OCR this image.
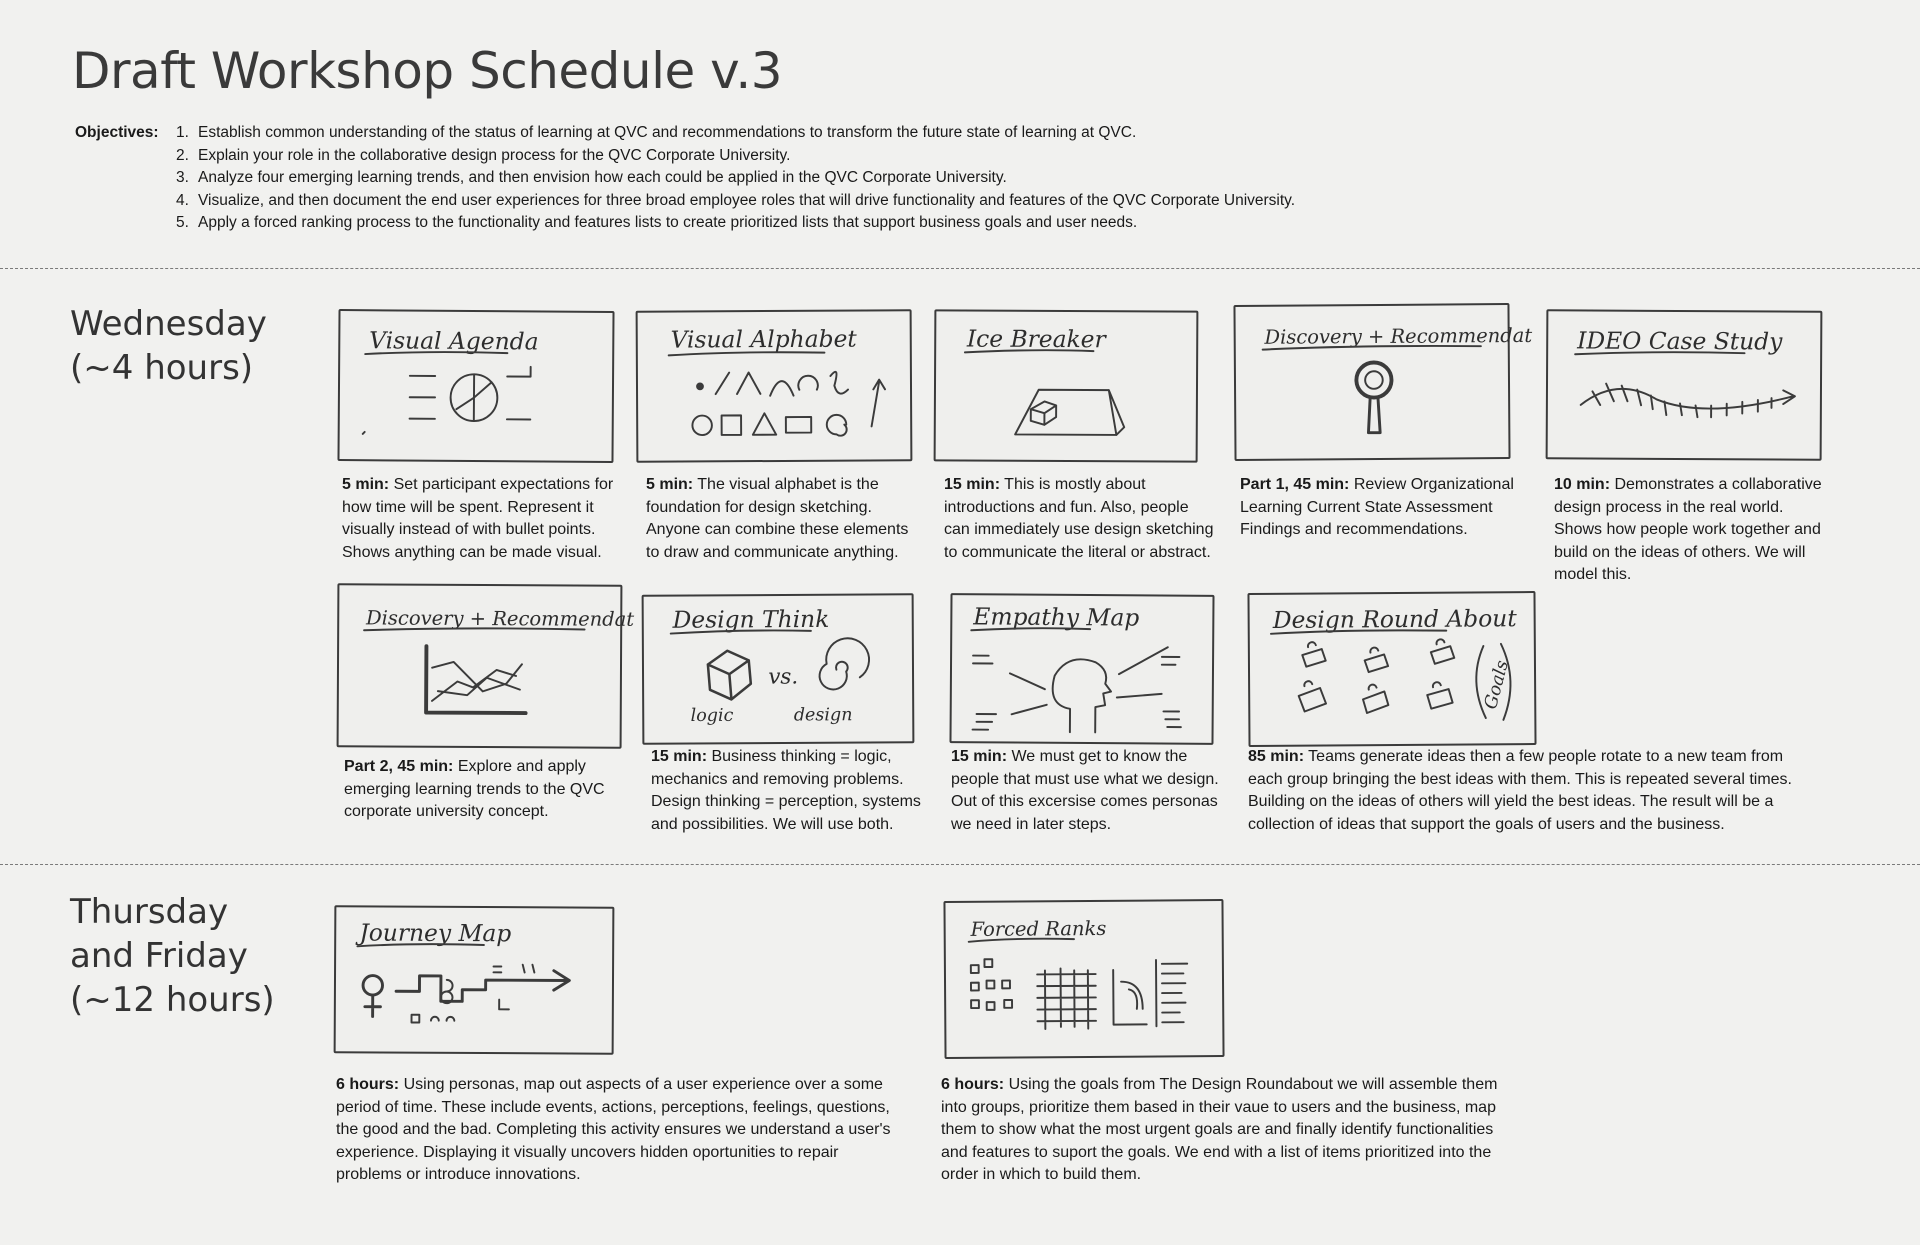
Draft Workshop Schedule v.3
Objectives: 1. Establish common understanding of the status of learning at QVC and recommendations to transform the future state of learning at QVC.
2. Explain your role in the collaborative design process for the QVC Corporate University.
3. Analyze four emerging learning trends, and then envision how each could be applied in the QVC Corporate University.
4. Visualize, and then document the end user experiences for three broad employee roles that will drive functionality and features of the QVC Corporate University.
5. Apply a forced ranking process to the functionality and features lists to create prioritized lists that support business goals and user needs.
Wednesday
(~4 hours)
Visual Agenda

5 min: Set participant expectations for how time will be spent. Represent it visually instead of with bullet points. Shows anything can be made visual.

Visual Alphabet

5 min: The visual alphabet is the foundation for design sketching. Anyone can combine these elements to draw and communicate anything.

Ice Breaker

15 min: This is mostly about introductions and fun. Also, people can immediately use design sketching to communicate the literal or abstract.

Discovery + Recommendat

Part 1, 45 min: Review Organizational Learning Current State Assessment Findings and recommendations.

IDEO Case Study

10 min: Demonstrates a collaborative design process in the real world. Shows how people work together and build on the ideas of others. We will model this.

Discovery + Recommendat

Part 2, 45 min: Explore and apply emerging learning trends to the QVC corporate university concept.

Design Think
vs.
logic	design

15 min: Business thinking = logic, mechanics and removing problems. Design thinking = perception, systems and possibilities. We will use both.

Empathy Map

15 min: We must get to know the people that must use what we design. Out of this excersise comes personas we need in later steps.

Design Round About
Goals

85 min: Teams generate ideas then a few people rotate to a new team from each group bringing the best ideas with them. This is repeated several times. Building on the ideas of others will yield the best ideas. The result will be a collection of ideas that support the goals of users and the business.

Thursday
and Friday
(~12 hours)
Journey Map

6 hours: Using personas, map out aspects of a user experience over a some period of time. These include events, actions, perceptions, feelings, questions, the good and the bad. Completing this activity ensures we understand a user's experience. Displaying it visually uncovers hidden oportunities to repair problems or introduce innovations.

Forced Ranks

6 hours: Using the goals from The Design Roundabout we will assemble them into groups, prioritize them based in their vaue to users and the business, map them to show what the most urgent goals are and finally identify functionalities and features to suport the goals. We end with a list of items prioritized into the order in which to build them.
